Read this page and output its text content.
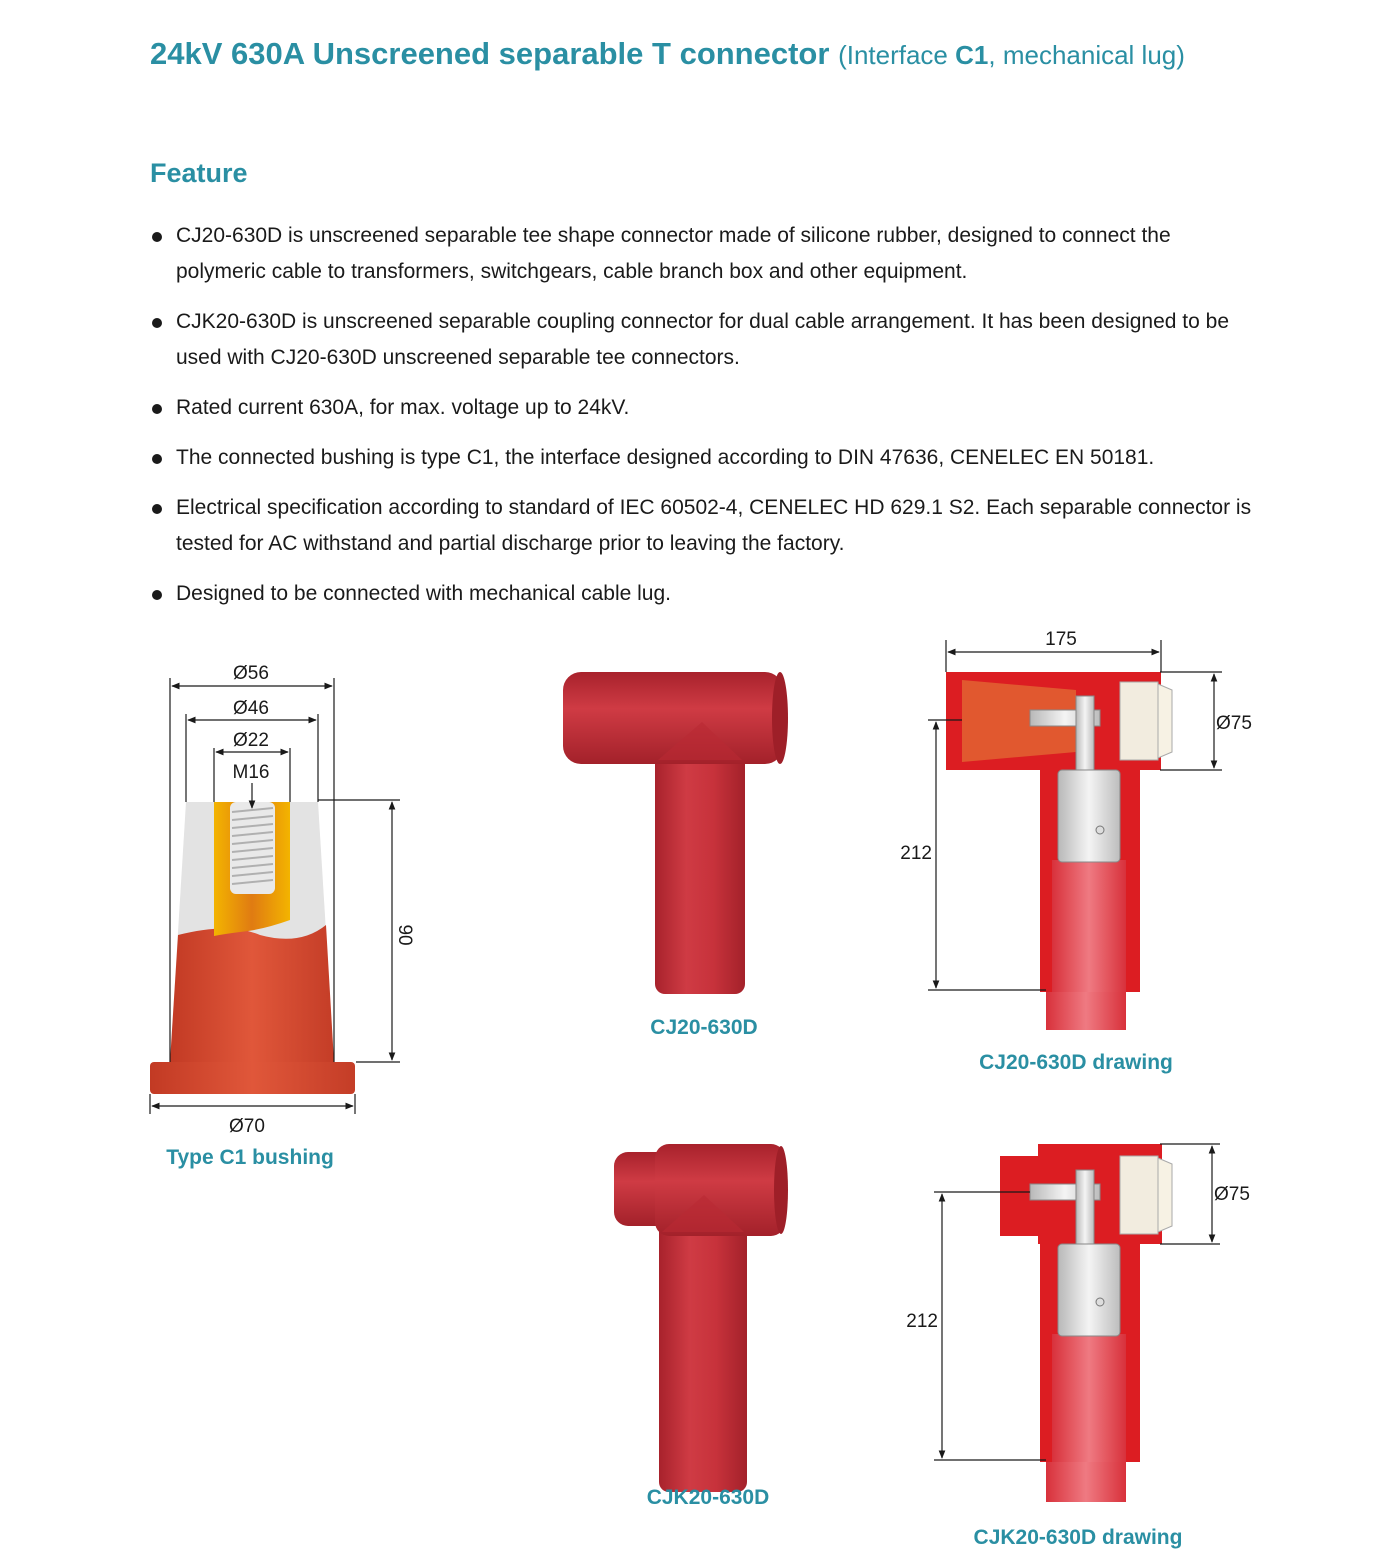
24kV 630A Unscreened separable T connector (Interface C1, mechanical lug)
Feature
CJ20-630D is unscreened separable tee shape connector made of silicone rubber, designed to connect the polymeric cable to transformers, switchgears, cable branch box and other equipment.
CJK20-630D is unscreened separable coupling connector for dual cable arrangement. It has been designed to be used with CJ20-630D unscreened separable tee connectors.
Rated current 630A, for max. voltage up to 24kV.
The connected bushing is type C1, the interface designed according to DIN 47636, CENELEC EN 50181.
Electrical specification according to standard of IEC 60502-4, CENELEC HD 629.1 S2. Each separable connector is tested for AC withstand and partial discharge prior to leaving the factory.
Designed to be connected with mechanical cable lug.
Ø56
Ø46
Ø22
M16
90
Ø70
175
Ø75
212
Ø75
212
Type C1 bushing
CJ20-630D
CJ20-630D drawing
CJK20-630D
CJK20-630D drawing
